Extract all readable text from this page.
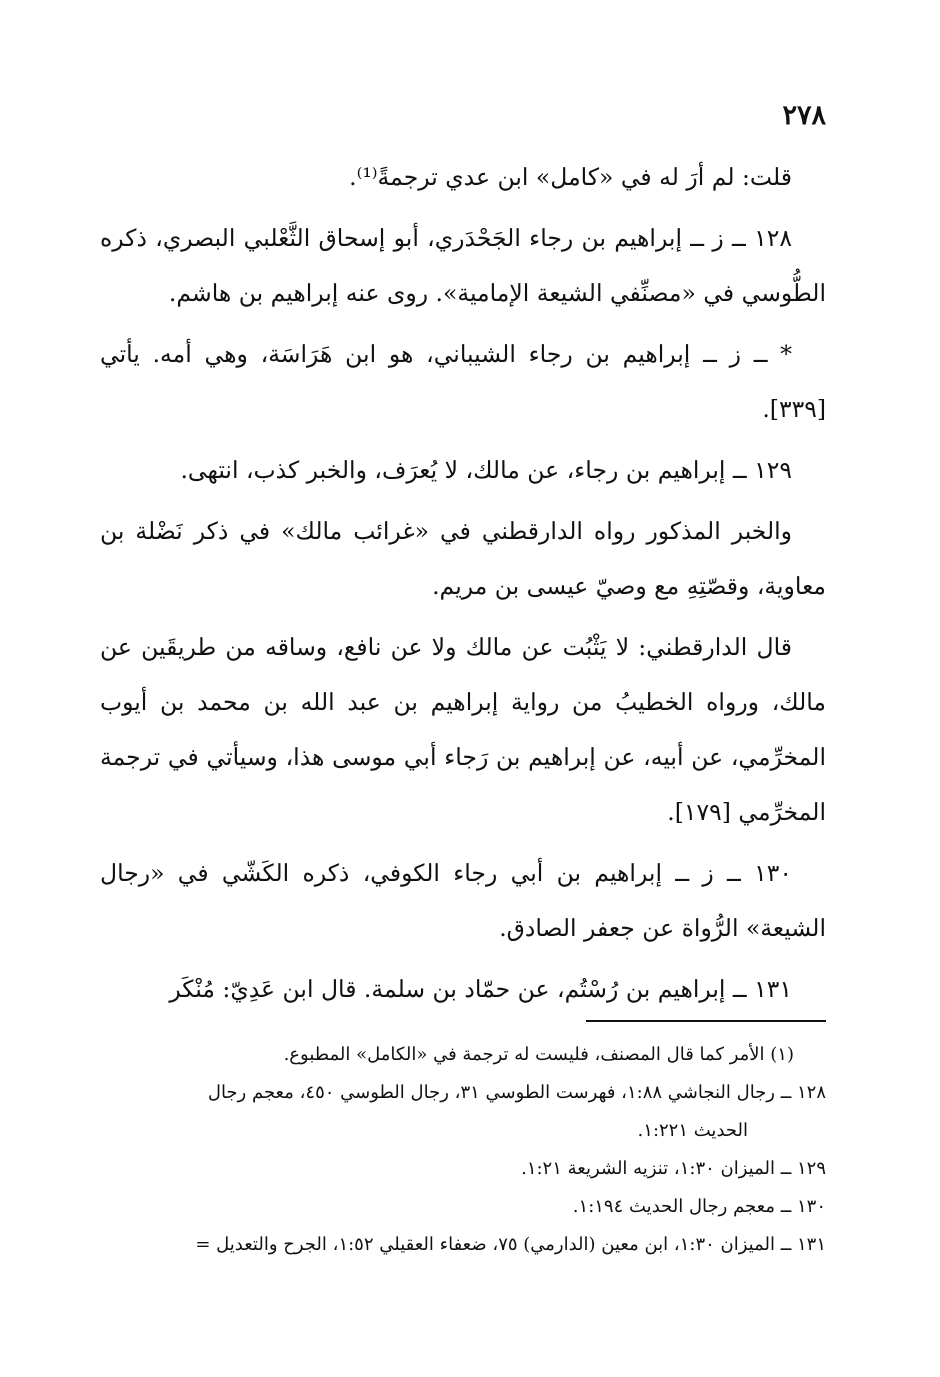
٢٧٨

قلت: لم أرَ له في «كامل» ابن عدي ترجمةً⁽¹⁾.

١٢٨ ــ ز ــ إبراهيم بن رجاء الجَحْدَري، أبو إسحاق الثَّعْلبي البصري، ذكره الطُّوسي في «مصنِّفي الشيعة الإمامية». روى عنه إبراهيم بن هاشم.

* ــ ز ــ إبراهيم بن رجاء الشيباني، هو ابن هَرَاسَة، وهي أمه. يأتي [٣٣٩].

١٢٩ ــ إبراهيم بن رجاء، عن مالك، لا يُعرَف، والخبر كذب، انتهى.

والخبر المذكور رواه الدارقطني في «غرائب مالك» في ذكر نَضْلة بن معاوية، وقصّتِهِ مع وصيّ عيسى بن مريم.

قال الدارقطني: لا يَثْبُت عن مالك ولا عن نافع، وساقه من طريقَين عن مالك، ورواه الخطيبُ من رواية إبراهيم بن عبد الله بن محمد بن أيوب المخرِّمي، عن أبيه، عن إبراهيم بن رَجاء أبي موسى هذا، وسيأتي في ترجمة المخرِّمي [١٧٩].

١٣٠ ــ ز ــ إبراهيم بن أبي رجاء الكوفي، ذكره الكَشّي في «رجال الشيعة» الرُّواة عن جعفر الصادق.

١٣١ ــ إبراهيم بن رُسْتُم، عن حمّاد بن سلمة. قال ابن عَدِيّ: مُنْكَر

(١) الأمر كما قال المصنف، فليست له ترجمة في «الكامل» المطبوع.

١٢٨ ــ رجال النجاشي ١:٨٨، فهرست الطوسي ٣١، رجال الطوسي ٤٥٠، معجم رجال

الحديث ١:٢٢١.

١٢٩ ــ الميزان ١:٣٠، تنزيه الشريعة ١:٢١.

١٣٠ ــ معجم رجال الحديث ١:١٩٤.

١٣١ ــ الميزان ١:٣٠، ابن معين (الدارمي) ٧٥، ضعفاء العقيلي ١:٥٢، الجرح والتعديل =
